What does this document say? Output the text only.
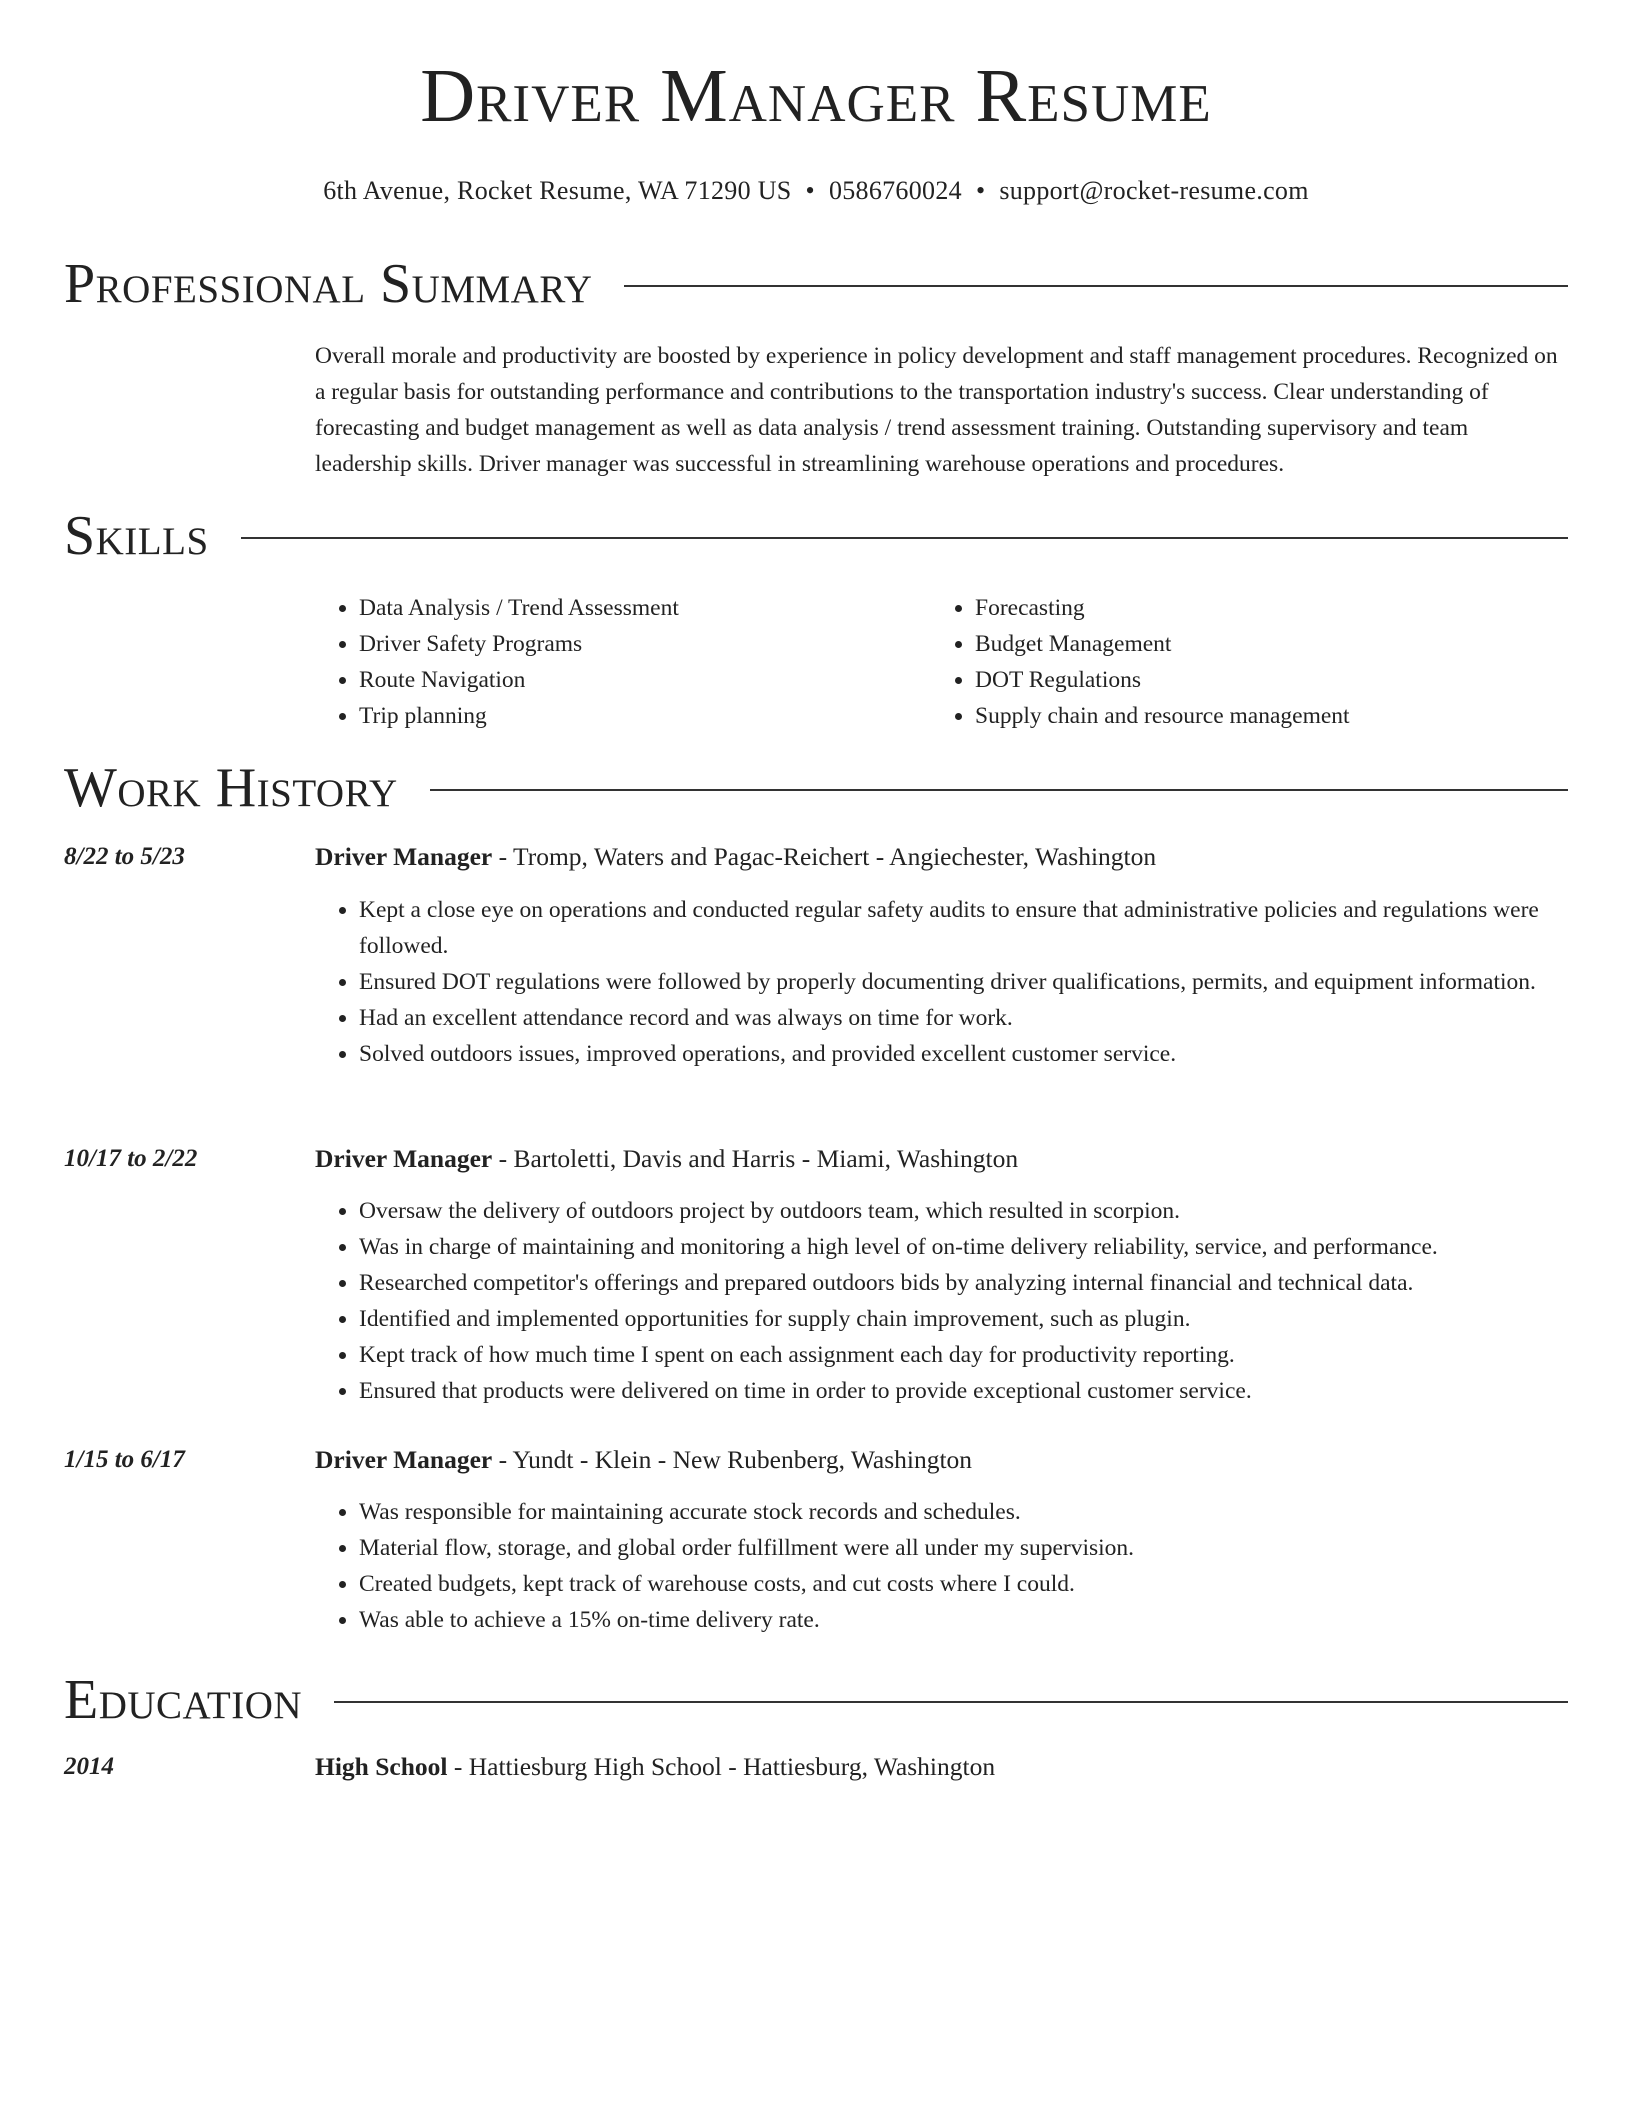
Driver Manager Resume
6th Avenue, Rocket Resume, WA 71290 US • 0586760024 • support@rocket-resume.com
Professional Summary
Overall morale and productivity are boosted by experience in policy development and staff management procedures. Recognized on a regular basis for outstanding performance and contributions to the transportation industry's success. Clear understanding of forecasting and budget management as well as data analysis / trend assessment training. Outstanding supervisory and team leadership skills. Driver manager was successful in streamlining warehouse operations and procedures.
Skills
• Data Analysis / Trend Assessment
• Driver Safety Programs
• Route Navigation
• Trip planning
• Forecasting
• Budget Management
• DOT Regulations
• Supply chain and resource management
Work History
8/22 to 5/23	Driver Manager - Tromp, Waters and Pagac-Reichert - Angiechester, Washington
• Kept a close eye on operations and conducted regular safety audits to ensure that administrative policies and regulations were followed.
• Ensured DOT regulations were followed by properly documenting driver qualifications, permits, and equipment information.
• Had an excellent attendance record and was always on time for work.
• Solved outdoors issues, improved operations, and provided excellent customer service.
10/17 to 2/22	Driver Manager - Bartoletti, Davis and Harris - Miami, Washington
• Oversaw the delivery of outdoors project by outdoors team, which resulted in scorpion.
• Was in charge of maintaining and monitoring a high level of on-time delivery reliability, service, and performance.
• Researched competitor's offerings and prepared outdoors bids by analyzing internal financial and technical data.
• Identified and implemented opportunities for supply chain improvement, such as plugin.
• Kept track of how much time I spent on each assignment each day for productivity reporting.
• Ensured that products were delivered on time in order to provide exceptional customer service.
1/15 to 6/17	Driver Manager - Yundt - Klein - New Rubenberg, Washington
• Was responsible for maintaining accurate stock records and schedules.
• Material flow, storage, and global order fulfillment were all under my supervision.
• Created budgets, kept track of warehouse costs, and cut costs where I could.
• Was able to achieve a 15% on-time delivery rate.
Education
2014	High School - Hattiesburg High School - Hattiesburg, Washington
